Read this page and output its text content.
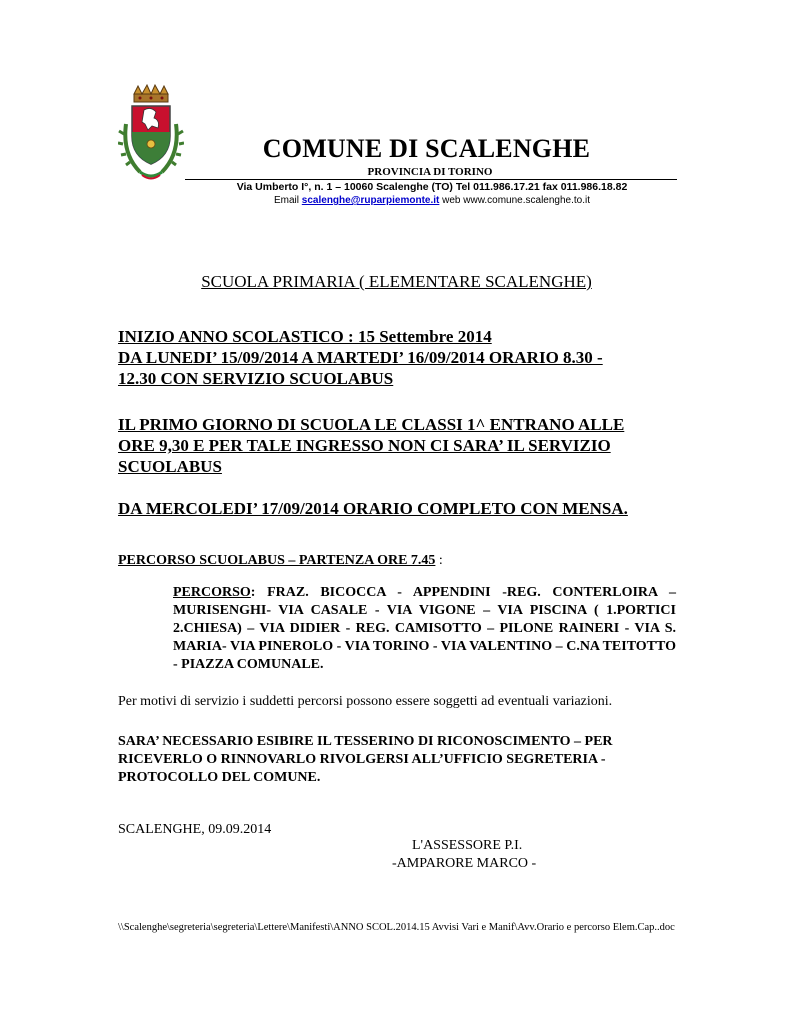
COMUNE DI SCALENGHE
PROVINCIA DI TORINO
Via Umberto I°, n. 1 – 10060 Scalenghe (TO) Tel 011.986.17.21 fax 011.986.18.82
Email scalenghe@ruparpiemonte.it web www.comune.scalenghe.to.it
SCUOLA PRIMARIA ( ELEMENTARE SCALENGHE)
INIZIO ANNO SCOLASTICO : 15 Settembre 2014
DA LUNEDI’ 15/09/2014 A MARTEDI’ 16/09/2014 ORARIO 8.30 -
12.30 CON SERVIZIO SCUOLABUS
IL PRIMO GIORNO DI SCUOLA LE CLASSI 1^ ENTRANO ALLE
ORE 9,30 E PER TALE INGRESSO NON CI SARA’ IL SERVIZIO
SCUOLABUS
DA MERCOLEDI’ 17/09/2014 ORARIO COMPLETO CON MENSA.
PERCORSO SCUOLABUS – PARTENZA ORE 7.45 :
PERCORSO: FRAZ. BICOCCA - APPENDINI -REG. CONTERLOIRA – MURISENGHI- VIA CASALE - VIA VIGONE – VIA PISCINA ( 1.PORTICI 2.CHIESA) – VIA DIDIER - REG. CAMISOTTO – PILONE RAINERI - VIA S. MARIA- VIA PINEROLO - VIA TORINO - VIA VALENTINO – C.NA TEITOTTO - PIAZZA COMUNALE.
Per motivi di servizio i suddetti percorsi possono essere soggetti ad eventuali variazioni.
SARA’ NECESSARIO ESIBIRE IL TESSERINO DI RICONOSCIMENTO – PER
RICEVERLO O RINNOVARLO RIVOLGERSI ALL’UFFICIO SEGRETERIA -
PROTOCOLLO DEL COMUNE.
SCALENGHE, 09.09.2014
L'ASSESSORE P.I.
-AMPARORE MARCO -
\\Scalenghe\segreteria\segreteria\Lettere\Manifesti\ANNO SCOL.2014.15 Avvisi Vari e Manif\Avv.Orario e percorso Elem.Cap..doc
